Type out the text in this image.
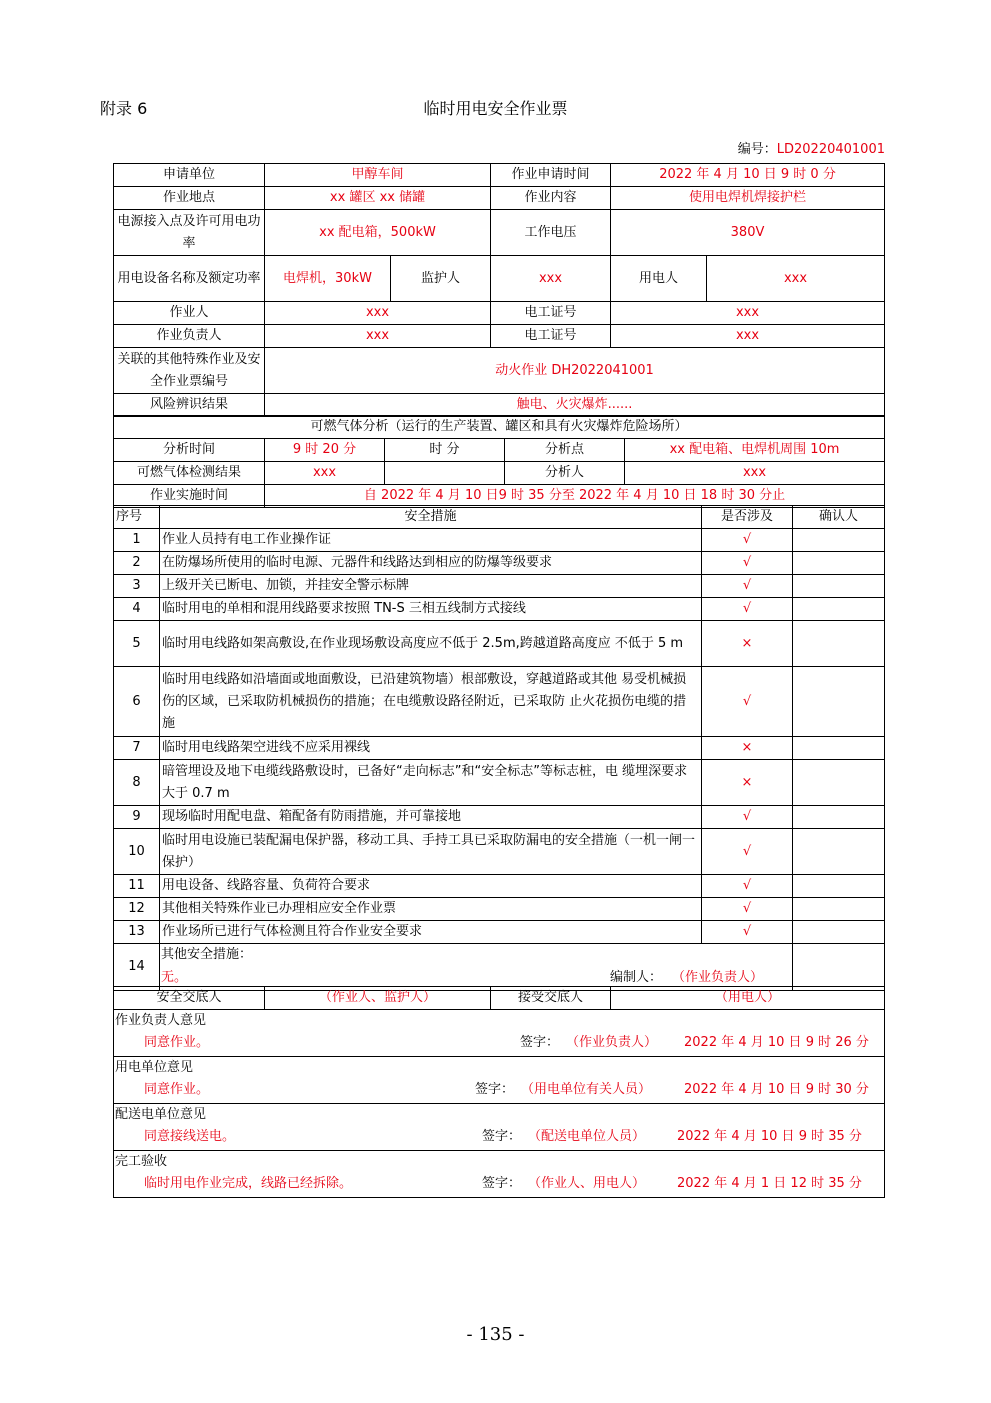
附录 6	临时用电安全作业票
编号：LD20220401001
申请单位	甲醇车间		作业申请时间	2022 年 4 月 10 日 9 时 0 分	
作业地点	xx 罐区 xx 储罐		作业内容	使用电焊机焊接护栏	
电源接入点及许可用电功率	xx 配电箱，500kW		工作电压	380V	
用电设备名称及额定功率	电焊机，30kW	监护人	xxx	用电人	xxx
作业人	xxx		电工证号	xxx	
作业负责人	xxx		电工证号	xxx	
关联的其他特殊作业及安全作业票编号	动火作业 DH2022041001				
风险辨识结果	触电、火灾爆炸......				
可燃气体分析（运行的生产装置、罐区和具有火灾爆炸危险场所）				
分析时间	9 时 20 分	时 分	分析点	xx 配电箱、电焊机周围 10m
可燃气体检测结果	xxx		分析人	xxx
作业实施时间	自 2022 年 4 月 10 日9 时 35 分至 2022 年 4 月 10 日 18 时 30 分止			
序号	安全措施	是否涉及	确认人
1	作业人员持有电工作业操作证	√	
2	在防爆场所使用的临时电源、元器件和线路达到相应的防爆等级要求	√	
3	上级开关已断电、加锁，并挂安全警示标牌	√	
4	临时用电的单相和混用线路要求按照 TN-S 三相五线制方式接线	√	
5	临时用电线路如架高敷设,在作业现场敷设高度应不低于 2.5m,跨越道路高度应 不低于 5 m	×	
6	临时用电线路如沿墙面或地面敷设，已沿建筑物墙）根部敷设，穿越道路或其他 易受机械损伤的区域，已采取防机械损伤的措施；在电缆敷设路径附近，已采取防 止火花损伤电缆的措施	√	
7	临时用电线路架空进线不应采用裸线	×	
8	暗管埋设及地下电缆线路敷设时，已备好“走向标志”和“安全标志”等标志桩，电 缆埋深要求大于 0.7 m	×	
9	现场临时用配电盘、箱配备有防雨措施，并可靠接地	√	
10	临时用电设施已装配漏电保护器，移动工具、手持工具已采取防漏电的安全措施（一机一闸一保护）	√	
11	用电设备、线路容量、负荷符合要求	√	
12	其他相关特殊作业已办理相应安全作业票	√	
13	作业场所已进行气体检测且符合作业安全要求	√	
14	其他安全措施：
无。 编制人： （作业负责人）		

安全交底人	（作业人、监护人）	接受交底人	（用电人）

作业负责人意见
同意作业。	签字： （作业负责人） 2022 年 4 月 10 日 9 时 26 分

用电单位意见
同意作业。	签字： （用电单位有关人员）	2022 年 4 月 10 日 9 时 30 分

配送电单位意见
同意接线送电。	签字： （配送电单位人员） 2022 年 4 月 10 日 9 时 35 分

完工验收
临时用电作业完成，线路已经拆除。	签字： （作业人、用电人） 2022 年 4 月 1 日 12 时 35 分
- 135 -
